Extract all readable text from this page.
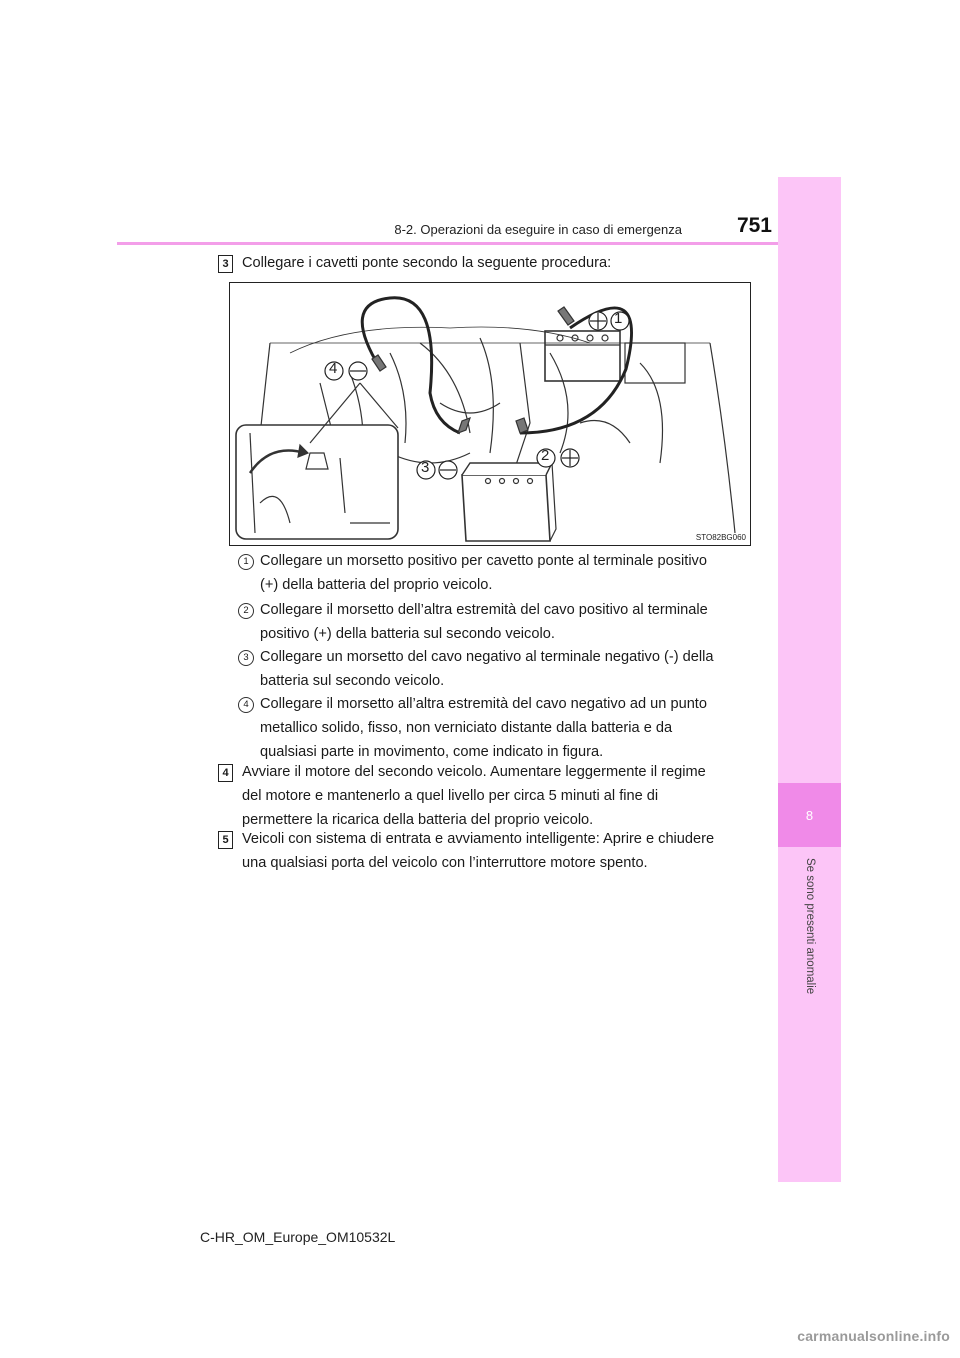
8-2. Operazioni da eseguire in caso di emergenza	751
8
Se sono presenti anomalie
3 Collegare i cavetti ponte secondo la seguente procedura:
1
2
3
4
STO82BG060
1 Collegare un morsetto positivo per cavetto ponte al terminale positivo
(+) della batteria del proprio veicolo.
2 Collegare il morsetto dell’altra estremità del cavo positivo al terminale
positivo (+) della batteria sul secondo veicolo.
3 Collegare un morsetto del cavo negativo al terminale negativo (-) della
batteria sul secondo veicolo.
4 Collegare il morsetto all’altra estremità del cavo negativo ad un punto
metallico solido, fisso, non verniciato distante dalla batteria e da
qualsiasi parte in movimento, come indicato in figura.
4 Avviare il motore del secondo veicolo. Aumentare leggermente il regime
del motore e mantenerlo a quel livello per circa 5 minuti al fine di
permettere la ricarica della batteria del proprio veicolo.
5 Veicoli con sistema di entrata e avviamento intelligente: Aprire e chiudere
una qualsiasi porta del veicolo con l’interruttore motore spento.
C-HR_OM_Europe_OM10532L
carmanualsonline.info
